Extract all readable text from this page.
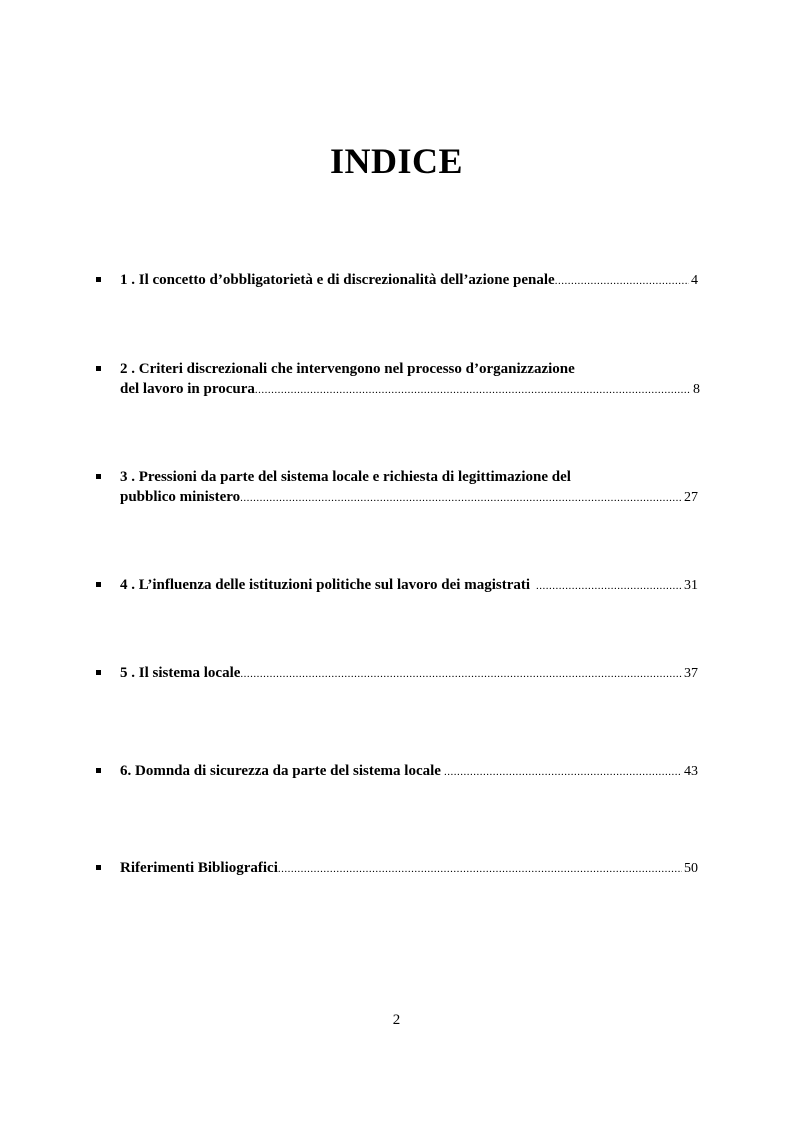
INDICE
1 . Il concetto d’obbligatorietà e di discrezionalità dell’azione penale .....	4
2 . Criteri discrezionali che intervengono nel processo d’organizzazione
del lavoro in procura .....	8
3 . Pressioni da parte del sistema locale e richiesta di legittimazione del
pubblico ministero .....	27
4 . L’influenza delle istituzioni politiche sul lavoro dei magistrati .....	31
5 . Il sistema locale .....	37
6. Domnda di sicurezza da parte del sistema locale .....	43
Riferimenti Bibliografici .....	50
2
